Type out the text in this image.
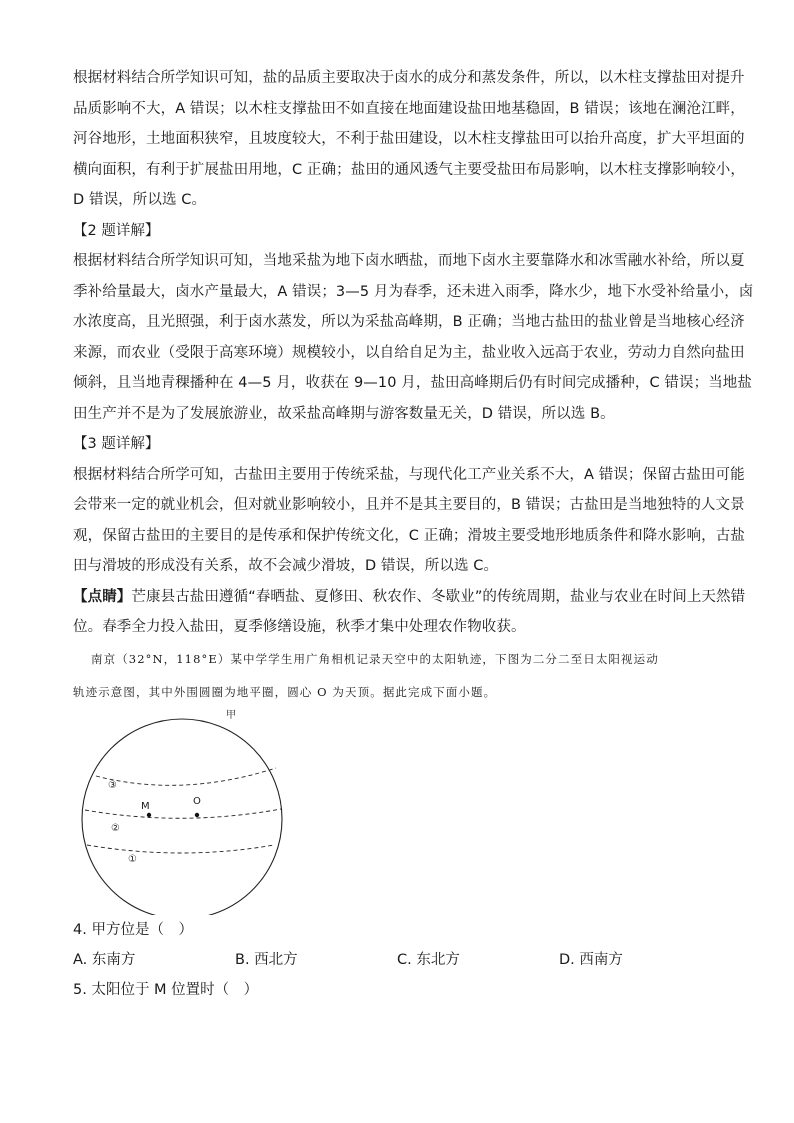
根据材料结合所学知识可知，盐的品质主要取决于卤水的成分和蒸发条件，所以，以木柱支撑盐田对提升

品质影响不大，A 错误；以木柱支撑盐田不如直接在地面建设盐田地基稳固，B 错误；该地在澜沧江畔，

河谷地形，土地面积狭窄，且坡度较大，不利于盐田建设，以木柱支撑盐田可以抬升高度，扩大平坦面的

横向面积，有利于扩展盐田用地，C 正确；盐田的通风透气主要受盐田布局影响，以木柱支撑影响较小，

D 错误，所以选 C。

【2 题详解】

根据材料结合所学知识可知，当地采盐为地下卤水晒盐，而地下卤水主要靠降水和冰雪融水补给，所以夏

季补给量最大，卤水产量最大，A 错误；3—5 月为春季，还未进入雨季，降水少，地下水受补给量小，卤

水浓度高，且光照强，利于卤水蒸发，所以为采盐高峰期，B 正确；当地古盐田的盐业曾是当地核心经济

来源，而农业（受限于高寒环境）规模较小，以自给自足为主，盐业收入远高于农业，劳动力自然向盐田

倾斜，且当地青稞播种在 4—5 月，收获在 9—10 月，盐田高峰期后仍有时间完成播种，C 错误；当地盐

田生产并不是为了发展旅游业，故采盐高峰期与游客数量无关，D 错误，所以选 B。

【3 题详解】

根据材料结合所学可知，古盐田主要用于传统采盐，与现代化工产业关系不大，A 错误；保留古盐田可能

会带来一定的就业机会，但对就业影响较小，且并不是其主要目的，B 错误；古盐田是当地独特的人文景

观，保留古盐田的主要目的是传承和保护传统文化，C 正确；滑坡主要受地形地质条件和降水影响，古盐

田与滑坡的形成没有关系，故不会减少滑坡，D 错误，所以选 C。

【点睛】芒康县古盐田遵循“春晒盐、夏修田、秋农作、冬歇业”的传统周期，盐业与农业在时间上天然错

位。春季全力投入盐田，夏季修缮设施，秋季才集中处理农作物收获。

南京（32°N，118°E）某中学学生用广角相机记录天空中的太阳轨迹，下图为二分二至日太阳视运动

轨迹示意图，其中外围圆圈为地平圈，圆心 O 为天顶。据此完成下面小题。

甲
O
M
③
②
①

4. 甲方位是（　）

A. 东南方	B. 西北方	C. 东北方	D. 西南方

5. 太阳位于 M 位置时（　）
